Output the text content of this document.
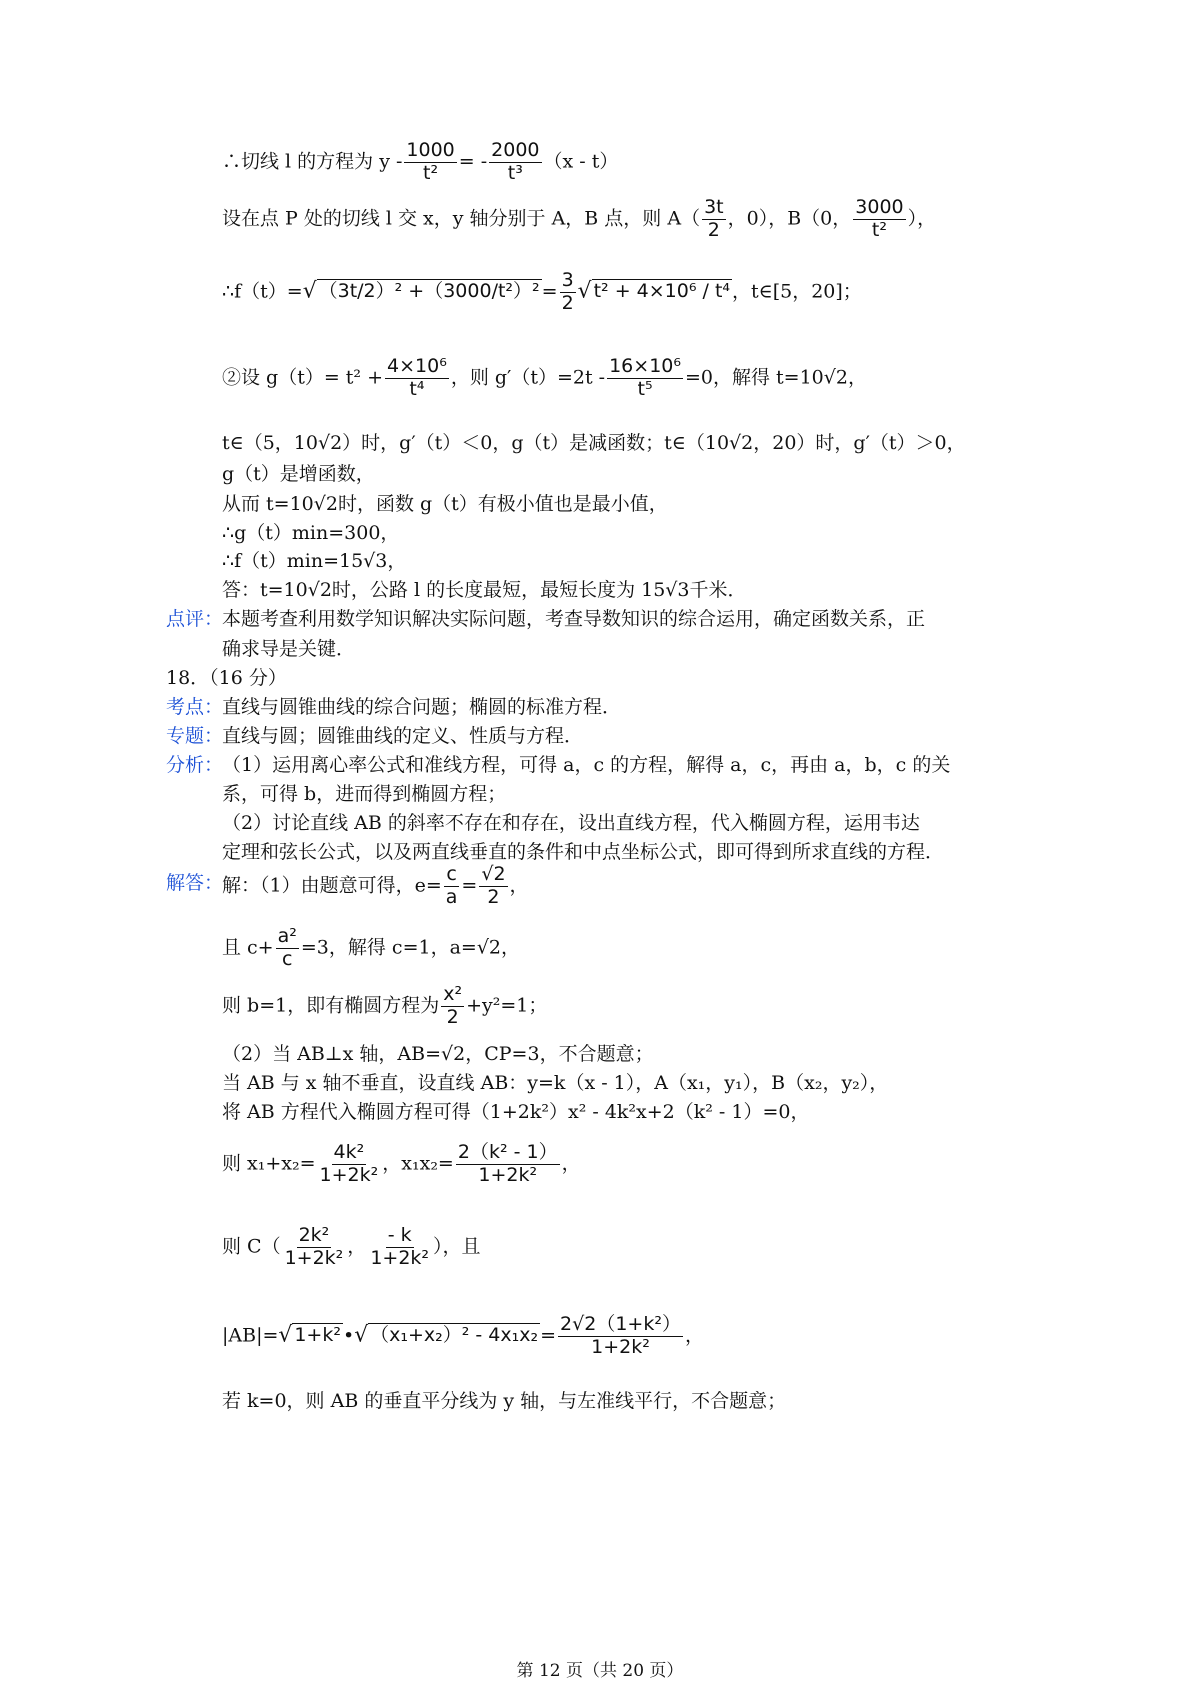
∴切线 l 的方程为 y - $\frac{1000}{\text{t²}}$ = - $\frac{2000}{\text{t³}} (x - t)$
设在点 P 处的切线 l 交 x，y 轴分别于 A，B 点，则 $A( \frac{3t}{2}$ ，0），B（0， $\frac{3000}{\text{t²}}$ ），
∴f（t）=√ $(3t/2)^2 +(3000/t^2)^2 = \frac{3}{2}$ √ t² + 4×10⁶ / t⁴ ，t∈[5，20]；
②设 $g(t)= t^2 + \frac{\text{4×10⁶}}{\text{t⁴}}$ ，则 $g'(t)=2t - \frac{\text{16×10⁶}}{\text{t⁵}} =0$，解得 t=10√2，
t∈（5，10√2）时，g′（t）＜0，g（t）是减函数；t∈（10√2，20）时，g′（t）＞0，
g（t）是增函数，
从而 t=10√2时，函数 g（t）有极小值也是最小值，
∴g（t）min=300，
∴f（t）min=15√3，
答：t=10√2时，公路 l 的长度最短，最短长度为 15√3千米．
点评：
本题考查利用数学知识解决实际问题，考查导数知识的综合运用，确定函数关系，正
确求导是关键．
18．（16 分）
考点：
直线与圆锥曲线的综合问题；椭圆的标准方程．
专题：
直线与圆；圆锥曲线的定义、性质与方程．
分析：
（1）运用离心率公式和准线方程，可得 a，c 的方程，解得 a，c，再由 a，b，c 的关
系，可得 b，进而得到椭圆方程；
（2）讨论直线 AB 的斜率不存在和存在，设出直线方程，代入椭圆方程，运用韦达
定理和弦长公式，以及两直线垂直的条件和中点坐标公式，即可得到所求直线的方程．
解答：
解：（1）由题意可得，$e= \frac{c}{a} = \frac{√2}{2}$ ，
且 $c+ \frac{\text{a²}}{c} =3$，解得 c=1，a=√2，
则 b=1，即有椭圆方程为 $\frac{\text{x²}}{2} +y^2=1$；
（2）当 AB⊥x 轴，AB=√2，CP=3，不合题意；
当 AB 与 x 轴不垂直，设直线 AB：y=k（x - 1），A（x₁，y₁），B（x₂，y₂），
将 AB 方程代入椭圆方程可得（1+2k²）x² - 4k²x+2（k² - 1）=0，
则 $x_1+x_2= \frac{\text{4k²}}{\text{1+2k²}}$ ，$x_1x_2= \frac{\text{2（k² - 1）}}{\text{1+2k²}}$ ，
则 $C( \frac{\text{2k²}}{\text{1+2k²}}$ ， $\frac{- k}{\text{1+2k²}}$ ），且
|AB|=√ 1+k² •√ $(x_1+x_2)^2 - 4x_1x_2 = \frac{\text{2√2（1+k²）}}{\text{1+2k²}}$ ，
若 k=0，则 AB 的垂直平分线为 y 轴，与左准线平行，不合题意；
第 12 页（共 20 页）
